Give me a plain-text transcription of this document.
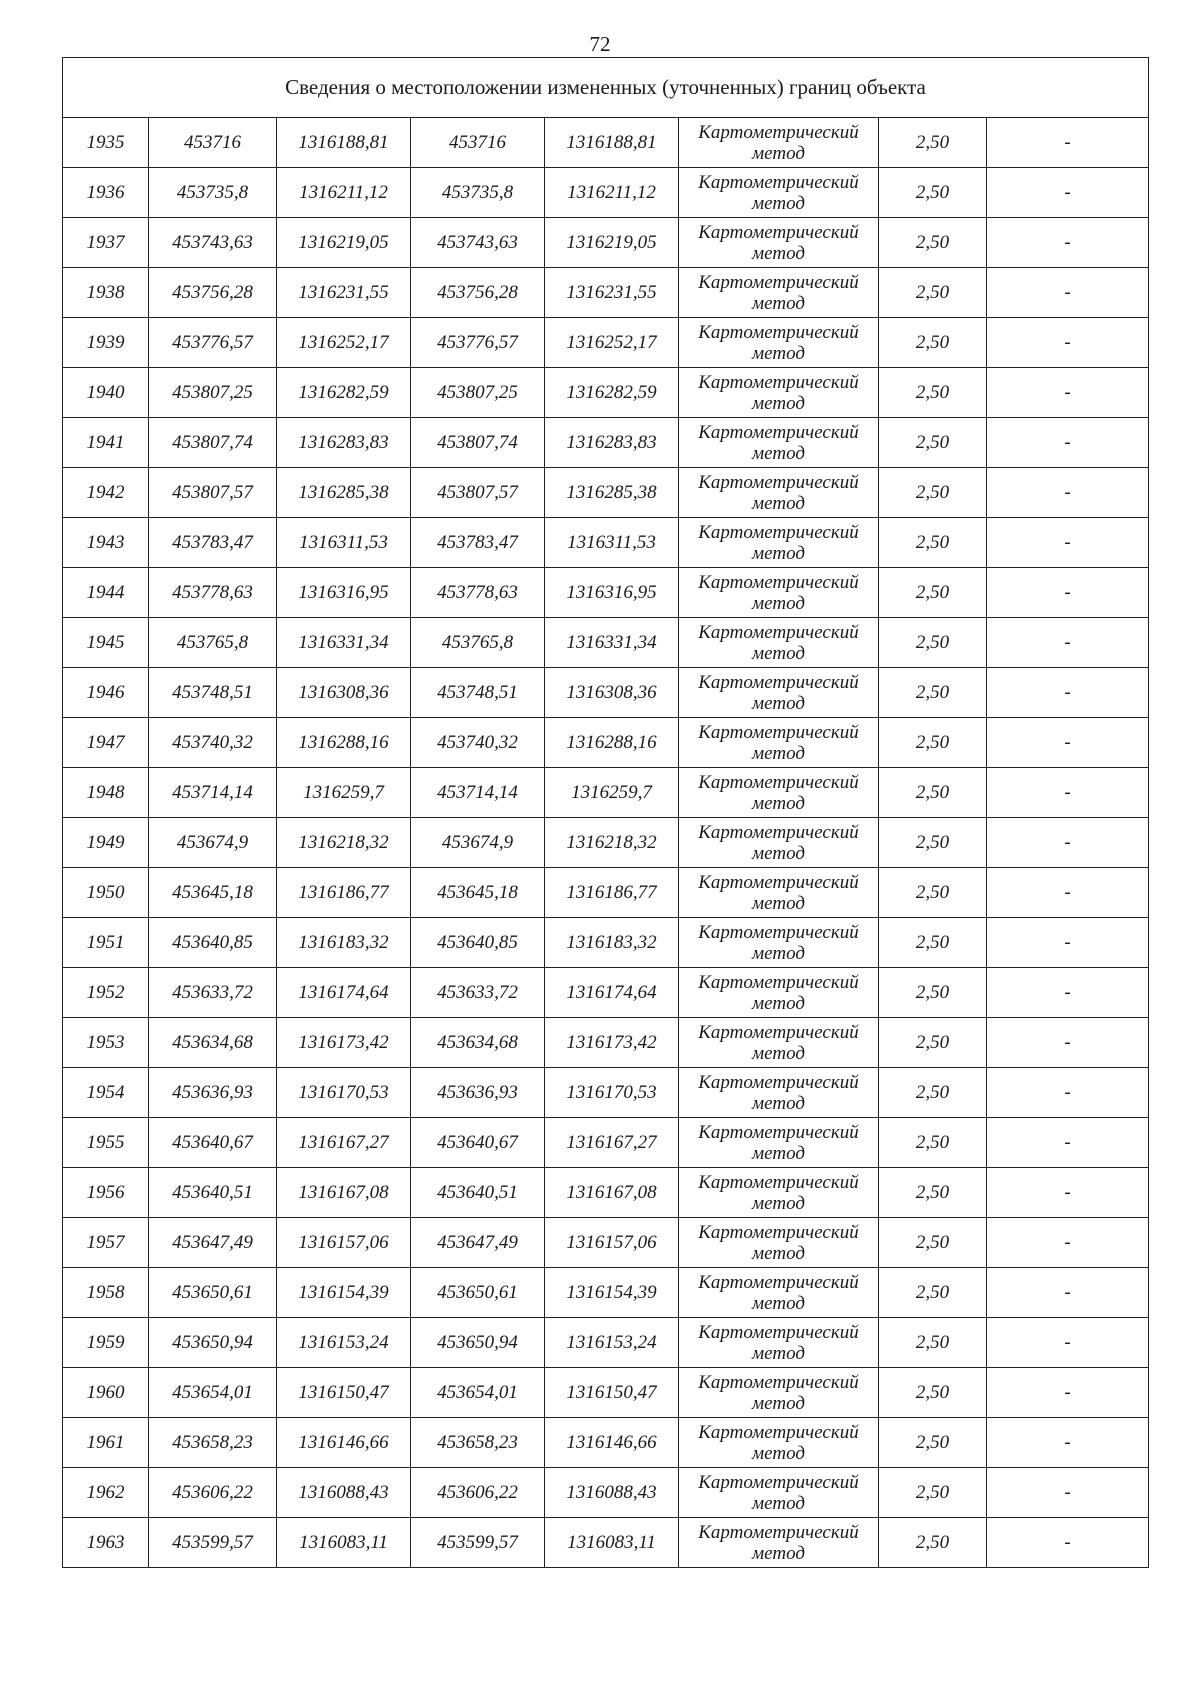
72
Сведения о местоположении измененных (уточненных) границ объекта							
1935	453716	1316188,81	453716	1316188,81	Картометрический
метод	2,50	-
1936	453735,8	1316211,12	453735,8	1316211,12	Картометрический
метод	2,50	-
1937	453743,63	1316219,05	453743,63	1316219,05	Картометрический
метод	2,50	-
1938	453756,28	1316231,55	453756,28	1316231,55	Картометрический
метод	2,50	-
1939	453776,57	1316252,17	453776,57	1316252,17	Картометрический
метод	2,50	-
1940	453807,25	1316282,59	453807,25	1316282,59	Картометрический
метод	2,50	-
1941	453807,74	1316283,83	453807,74	1316283,83	Картометрический
метод	2,50	-
1942	453807,57	1316285,38	453807,57	1316285,38	Картометрический
метод	2,50	-
1943	453783,47	1316311,53	453783,47	1316311,53	Картометрический
метод	2,50	-
1944	453778,63	1316316,95	453778,63	1316316,95	Картометрический
метод	2,50	-
1945	453765,8	1316331,34	453765,8	1316331,34	Картометрический
метод	2,50	-
1946	453748,51	1316308,36	453748,51	1316308,36	Картометрический
метод	2,50	-
1947	453740,32	1316288,16	453740,32	1316288,16	Картометрический
метод	2,50	-
1948	453714,14	1316259,7	453714,14	1316259,7	Картометрический
метод	2,50	-
1949	453674,9	1316218,32	453674,9	1316218,32	Картометрический
метод	2,50	-
1950	453645,18	1316186,77	453645,18	1316186,77	Картометрический
метод	2,50	-
1951	453640,85	1316183,32	453640,85	1316183,32	Картометрический
метод	2,50	-
1952	453633,72	1316174,64	453633,72	1316174,64	Картометрический
метод	2,50	-
1953	453634,68	1316173,42	453634,68	1316173,42	Картометрический
метод	2,50	-
1954	453636,93	1316170,53	453636,93	1316170,53	Картометрический
метод	2,50	-
1955	453640,67	1316167,27	453640,67	1316167,27	Картометрический
метод	2,50	-
1956	453640,51	1316167,08	453640,51	1316167,08	Картометрический
метод	2,50	-
1957	453647,49	1316157,06	453647,49	1316157,06	Картометрический
метод	2,50	-
1958	453650,61	1316154,39	453650,61	1316154,39	Картометрический
метод	2,50	-
1959	453650,94	1316153,24	453650,94	1316153,24	Картометрический
метод	2,50	-
1960	453654,01	1316150,47	453654,01	1316150,47	Картометрический
метод	2,50	-
1961	453658,23	1316146,66	453658,23	1316146,66	Картометрический
метод	2,50	-
1962	453606,22	1316088,43	453606,22	1316088,43	Картометрический
метод	2,50	-
1963	453599,57	1316083,11	453599,57	1316083,11	Картометрический
метод	2,50	-
